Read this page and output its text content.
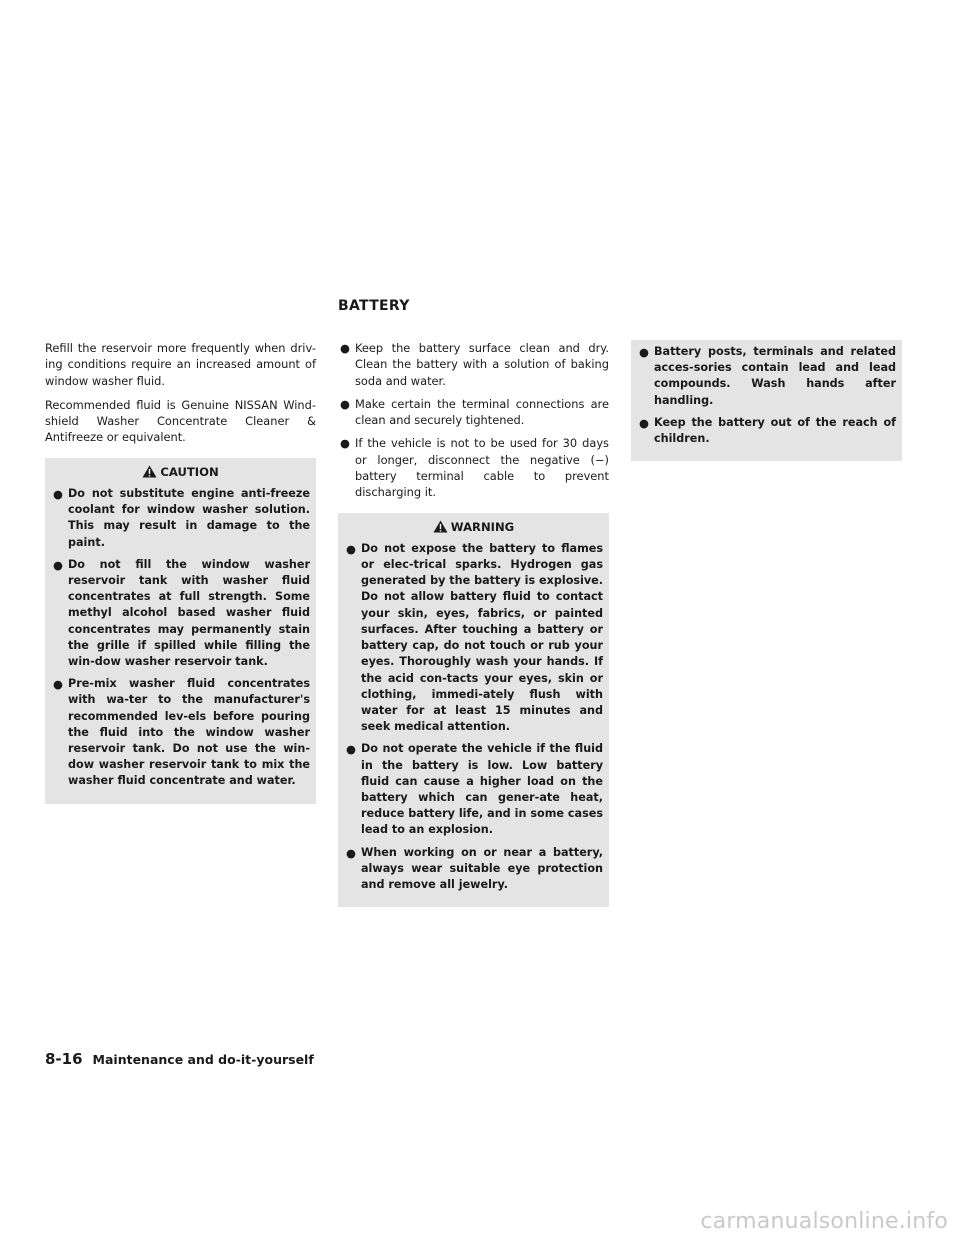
BATTERY

Refill the reservoir more frequently when driv-ing conditions require an increased amount of window washer fluid.

Recommended fluid is Genuine NISSAN Wind-shield Washer Concentrate Cleaner & Antifreeze or equivalent.

CAUTION
● Do not substitute engine anti-freeze coolant for window washer solution. This may result in damage to the paint.
● Do not fill the window washer reservoir tank with washer fluid concentrates at full strength. Some methyl alcohol based washer fluid concentrates may permanently stain the grille if spilled while filling the win-dow washer reservoir tank.
● Pre-mix washer fluid concentrates with wa-ter to the manufacturer's recommended lev-els before pouring the fluid into the window washer reservoir tank. Do not use the win-dow washer reservoir tank to mix the washer fluid concentrate and water.
● Keep the battery surface clean and dry. Clean the battery with a solution of baking soda and water.
● Make certain the terminal connections are clean and securely tightened.
● If the vehicle is not to be used for 30 days or longer, disconnect the negative (−) battery terminal cable to prevent discharging it.
WARNING
● Do not expose the battery to flames or elec-trical sparks. Hydrogen gas generated by the battery is explosive. Do not allow battery fluid to contact your skin, eyes, fabrics, or painted surfaces. After touching a battery or battery cap, do not touch or rub your eyes. Thoroughly wash your hands. If the acid con-tacts your eyes, skin or clothing, immedi-ately flush with water for at least 15 minutes and seek medical attention.
● Do not operate the vehicle if the fluid in the battery is low. Low battery fluid can cause a higher load on the battery which can gener-ate heat, reduce battery life, and in some cases lead to an explosion.
● When working on or near a battery, always wear suitable eye protection and remove all jewelry.
● Battery posts, terminals and related acces-sories contain lead and lead compounds. Wash hands after handling.
● Keep the battery out of the reach of children.
8-16 Maintenance and do-it-yourself
carmanualsonline.info
